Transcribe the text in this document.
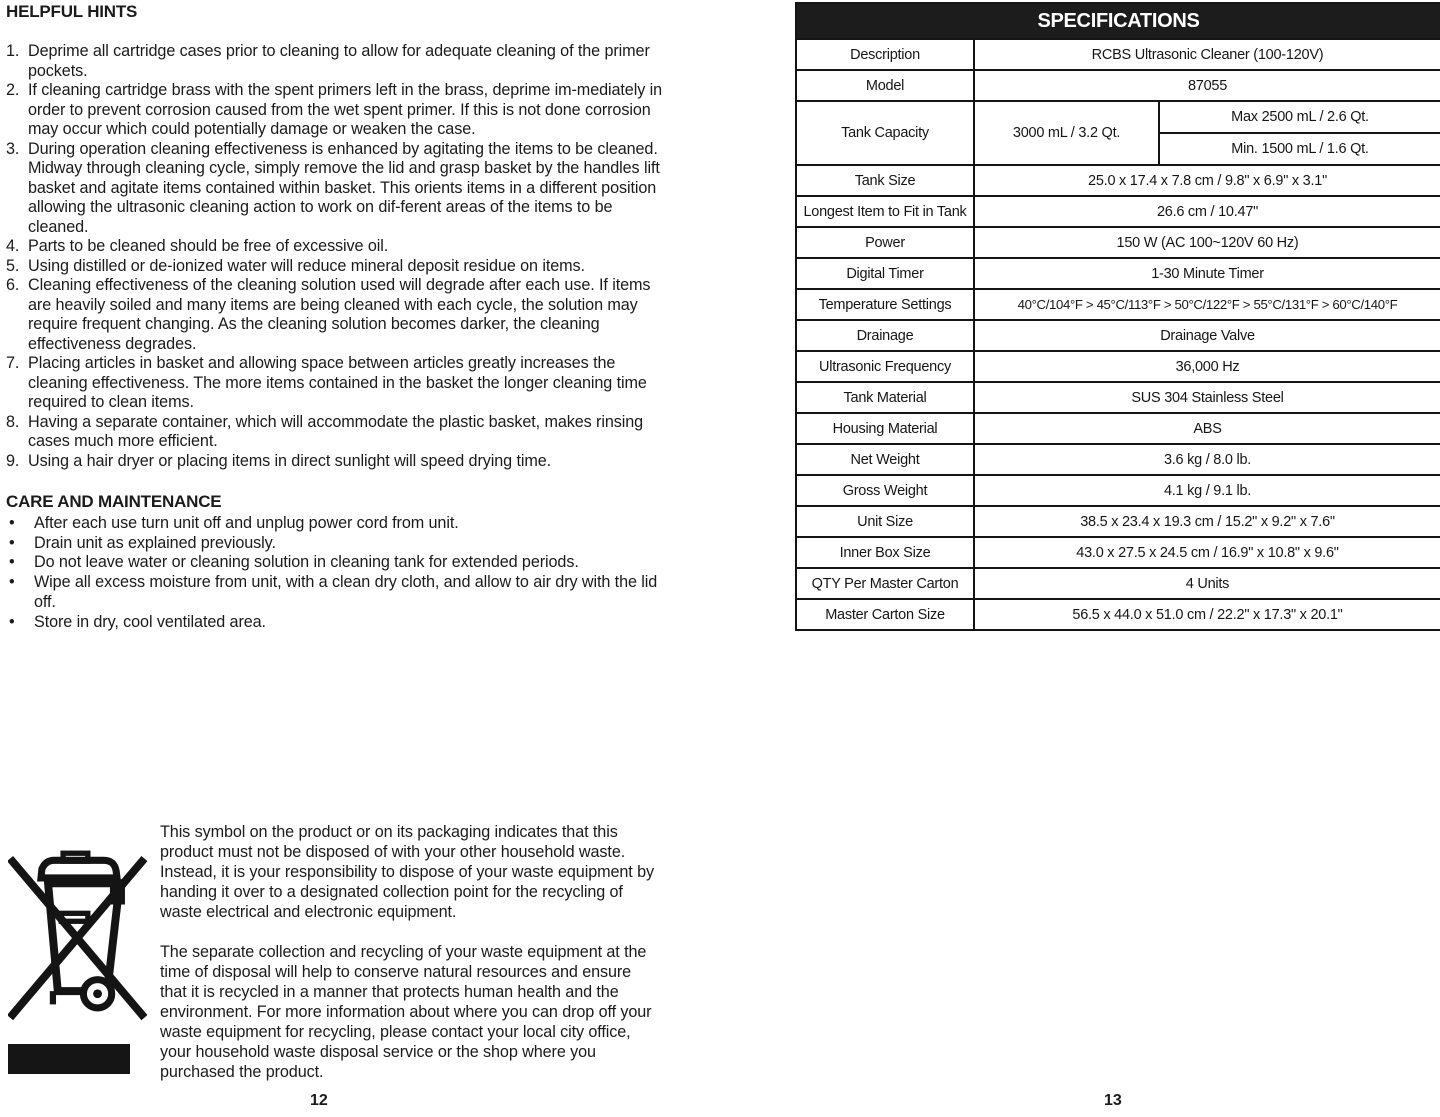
HELPFUL HINTS
1. Deprime all cartridge cases prior to cleaning to allow for adequate cleaning of the primer pockets.
2. If cleaning cartridge brass with the spent primers left in the brass, deprime im-mediately in order to prevent corrosion caused from the wet spent primer. If this is not done corrosion may occur which could potentially damage or weaken the case.
3. During operation cleaning effectiveness is enhanced by agitating the items to be cleaned. Midway through cleaning cycle, simply remove the lid and grasp basket by the handles lift basket and agitate items contained within basket. This orients items in a different position allowing the ultrasonic cleaning action to work on dif-ferent areas of the items to be cleaned.
4. Parts to be cleaned should be free of excessive oil.
5. Using distilled or de-ionized water will reduce mineral deposit residue on items.
6. Cleaning effectiveness of the cleaning solution used will degrade after each use. If items are heavily soiled and many items are being cleaned with each cycle, the solution may require frequent changing. As the cleaning solution becomes darker, the cleaning effectiveness degrades.
7. Placing articles in basket and allowing space between articles greatly increases the cleaning effectiveness. The more items contained in the basket the longer cleaning time required to clean items.
8. Having a separate container, which will accommodate the plastic basket, makes rinsing cases much more efficient.
9. Using a hair dryer or placing items in direct sunlight will speed drying time.
CARE AND MAINTENANCE
•	After each use turn unit off and unplug power cord from unit.
•	Drain unit as explained previously.
•	Do not leave water or cleaning solution in cleaning tank for extended periods.
•	Wipe all excess moisture from unit, with a clean dry cloth, and allow to air dry with the lid off.
•	Store in dry, cool ventilated area.
This symbol on the product or on its packaging indicates that this product must not be disposed of with your other household waste. Instead, it is your responsibility to dispose of your waste equipment by handing it over to a designated collection point for the recycling of waste electrical and electronic equipment.
The separate collection and recycling of your waste equipment at the time of disposal will help to conserve natural resources and ensure that it is recycled in a manner that protects human health and the environment. For more information about where you can drop off your waste equipment for recycling, please contact your local city office, your household waste disposal service or the shop where you purchased the product.
12
SPECIFICATIONS
Description	RCBS Ultrasonic Cleaner (100-120V)
Model	87055
Tank Capacity	3000 mL / 3.2 Qt.
Max 2500 mL / 2.6 Qt.
Min. 1500 mL / 1.6 Qt.
Tank Size	25.0 x 17.4 x 7.8 cm / 9.8" x 6.9" x 3.1"
Longest Item to Fit in Tank	26.6 cm / 10.47"
Power	150 W (AC 100~120V 60 Hz)
Digital Timer	1-30 Minute Timer
Temperature Settings	40°C/104°F > 45°C/113°F > 50°C/122°F > 55°C/131°F > 60°C/140°F
Drainage	Drainage Valve
Ultrasonic Frequency	36,000 Hz
Tank Material	SUS 304 Stainless Steel
Housing Material	ABS
Net Weight	3.6 kg / 8.0 lb.
Gross Weight	4.1 kg / 9.1 lb.
Unit Size	38.5 x 23.4 x 19.3 cm / 15.2" x 9.2" x 7.6"
Inner Box Size	43.0 x 27.5 x 24.5 cm / 16.9" x 10.8" x 9.6"
QTY Per Master Carton	4 Units
Master Carton Size	56.5 x 44.0 x 51.0 cm / 22.2" x 17.3" x 20.1"
13
